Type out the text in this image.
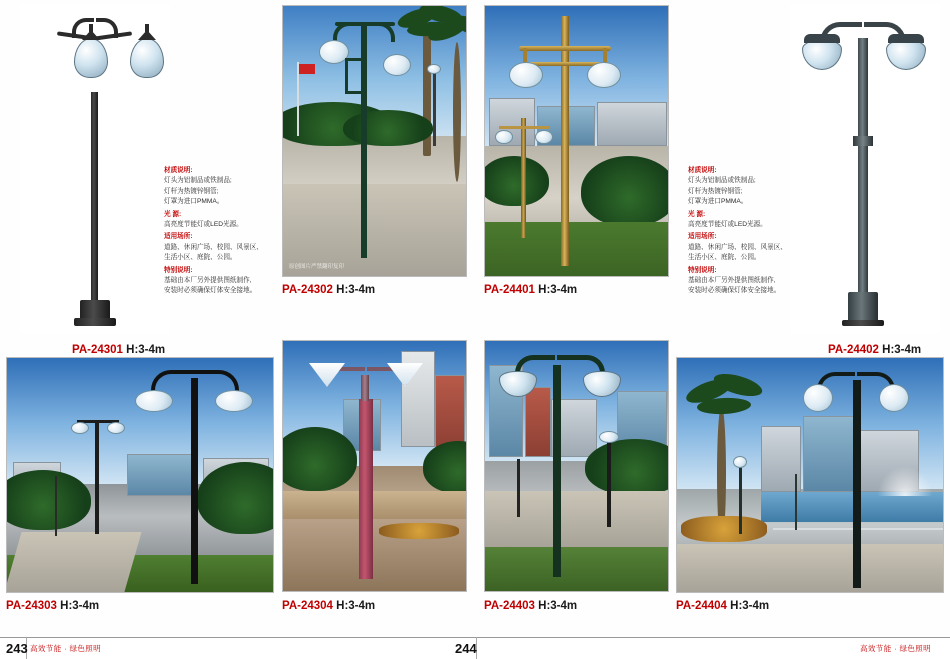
PA-24301 H:3-4m

材质说明:

灯头为铝制品或铁制品;

灯杆为热镀锌钢管;

灯罩为进口PMMA。

光 源:

高亮度节能灯或LED光源。

适用场所:

道路、休闲广场、校园、风景区、

生活小区、庭院、公园。

特别说明:

基础由本厂另外提供图纸制作,

安装时必须确保灯体安全接地。

原创图片严禁翻印复印
PA-24302 H:3-4m	PA-24401 H:3-4m

材质说明:

灯头为铝制品或铁制品;

灯杆为热镀锌钢管;

灯罩为进口PMMA。

光 源:

高亮度节能灯或LED光源。

适用场所:

道路、休闲广场、校园、风景区、

生活小区、庭院、公园。

特别说明:

基础由本厂另外提供图纸制作,

安装时必须确保灯体安全接地。

PA-24402 H:3-4m
PA-24303 H:3-4m	PA-24304 H:3-4m	PA-24403 H:3-4m	PA-24404 H:3-4m
243 高效节能 · 绿色照明	244	高效节能 · 绿色照明
